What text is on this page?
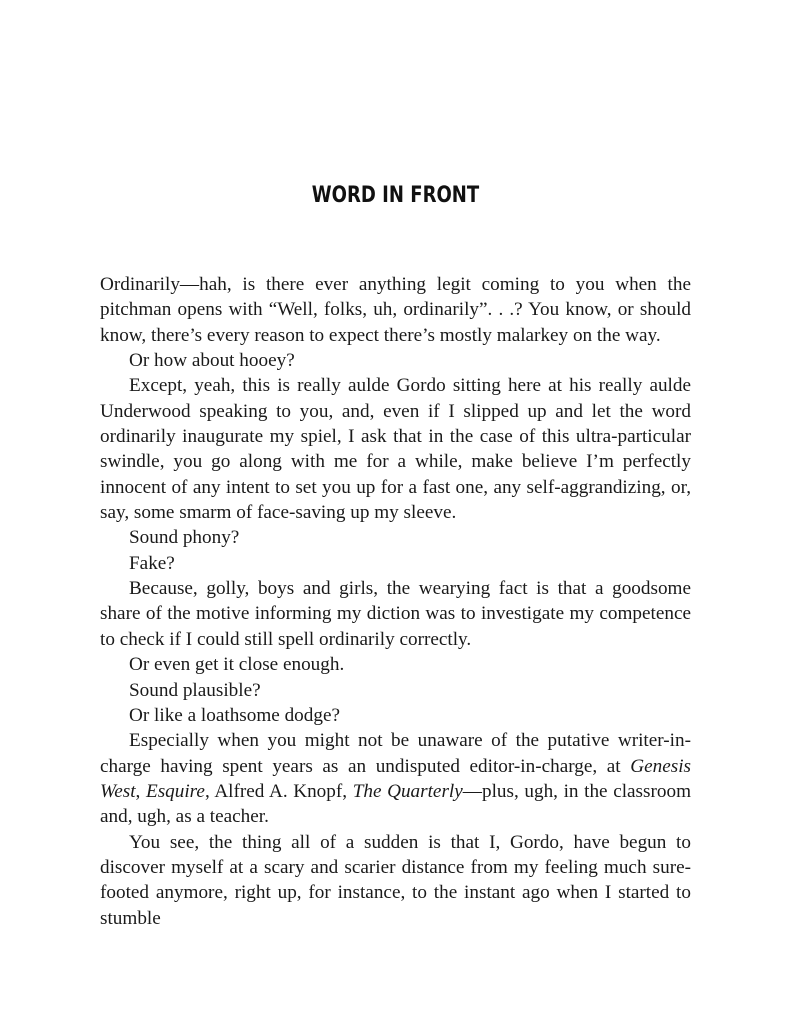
WORD IN FRONT

Ordinarily—hah, is there ever anything legit coming to you when the pitchman opens with “Well, folks, uh, ordinarily”. . .? You know, or should know, there’s every reason to expect there’s mostly malarkey on the way.

Or how about hooey?

Except, yeah, this is really aulde Gordo sitting here at his really aulde Underwood speaking to you, and, even if I slipped up and let the word ordinarily inaugurate my spiel, I ask that in the case of this ultra-particular swindle, you go along with me for a while, make believe I’m perfectly innocent of any intent to set you up for a fast one, any self-aggrandizing, or, say, some smarm of face-saving up my sleeve.

Sound phony?

Fake?

Because, golly, boys and girls, the wearying fact is that a goodsome share of the motive informing my diction was to investigate my competence to check if I could still spell ordinarily correctly.

Or even get it close enough.

Sound plausible?

Or like a loathsome dodge?

Especially when you might not be unaware of the putative writer-in-charge having spent years as an undisputed editor-in-charge, at Genesis West, Esquire, Alfred A. Knopf, The Quarterly—plus, ugh, in the classroom and, ugh, as a teacher.

You see, the thing all of a sudden is that I, Gordo, have begun to discover myself at a scary and scarier distance from my feeling much sure-footed anymore, right up, for instance, to the instant ago when I started to stumble
